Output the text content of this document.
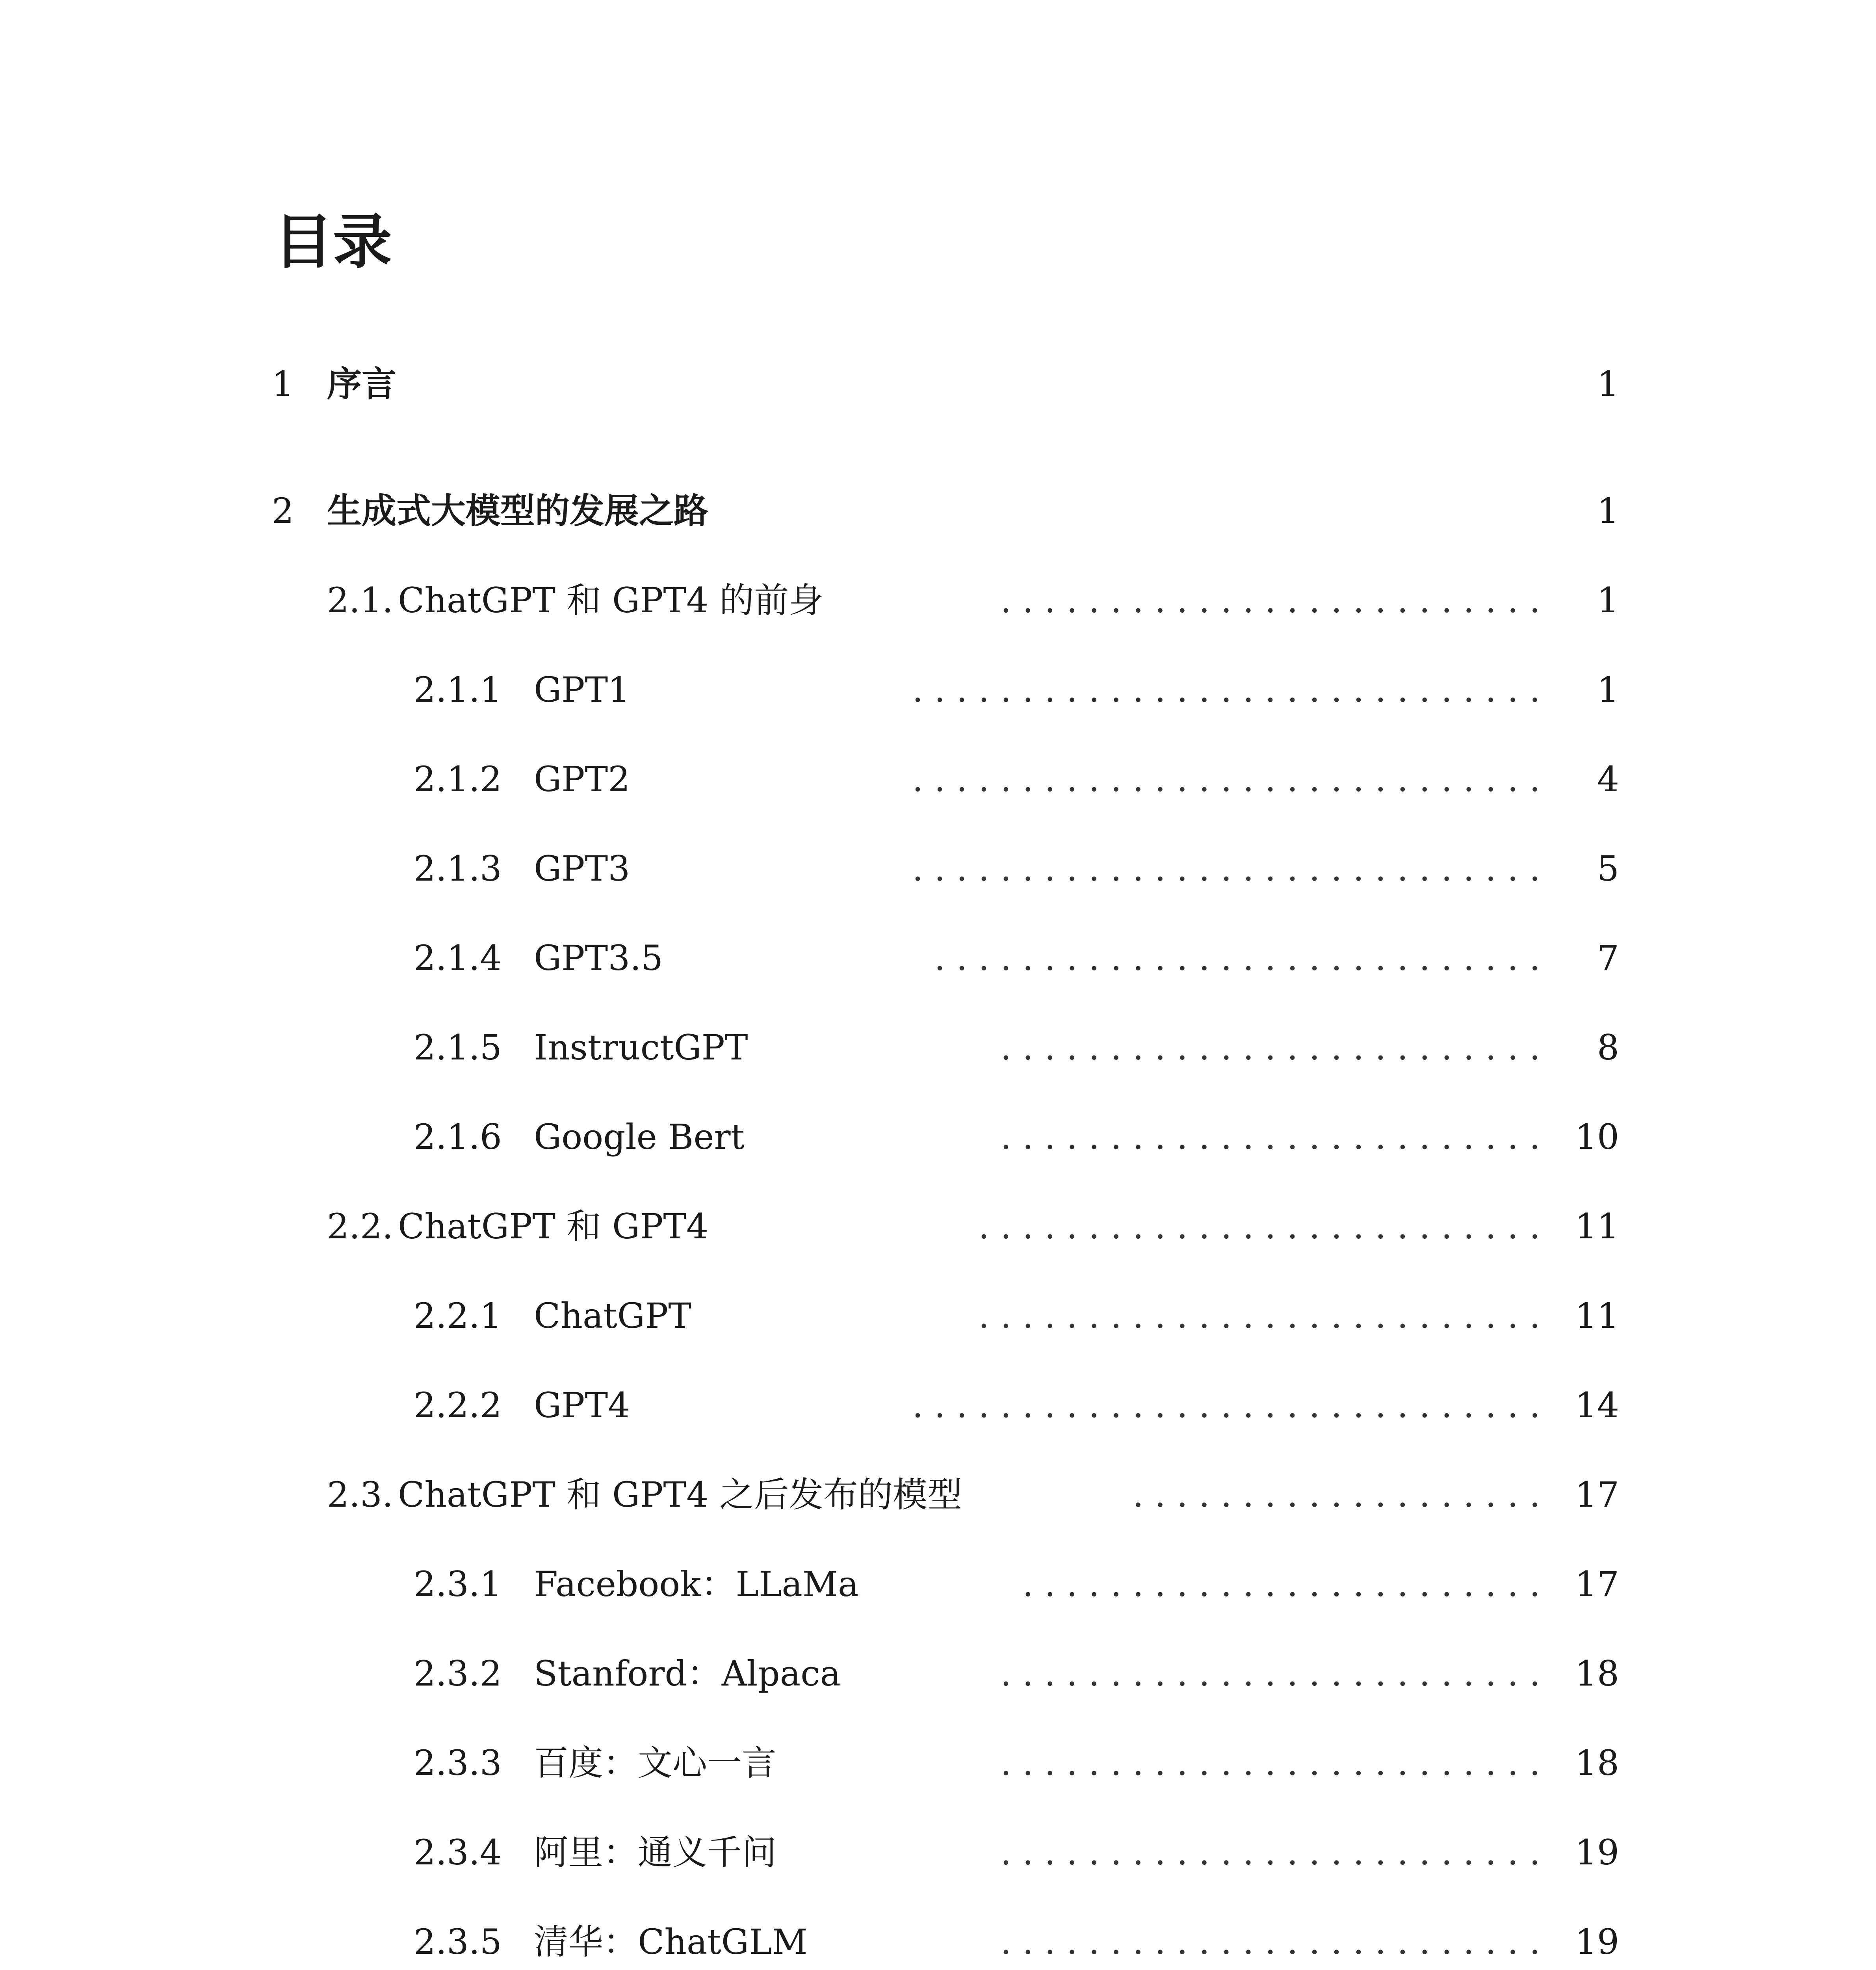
目录
1 序言	1
2 生成式大模型的发展之路	1
2.1. ChatGPT 和 GPT4 的前身	. . . . . . . . . . . . . . . . . . . . . . . . . 1
2.1.1 GPT1	. . . . . . . . . . . . . . . . . . . . . . . . . . . . . 1
2.1.2 GPT2	. . . . . . . . . . . . . . . . . . . . . . . . . . . . . 4
2.1.3 GPT3	. . . . . . . . . . . . . . . . . . . . . . . . . . . . . 5
2.1.4 GPT3.5	. . . . . . . . . . . . . . . . . . . . . . . . . . . . 7
2.1.5 InstructGPT	. . . . . . . . . . . . . . . . . . . . . . . . . 8
2.1.6 Google Bert	. . . . . . . . . . . . . . . . . . . . . . . . . 10
2.2. ChatGPT 和 GPT4	. . . . . . . . . . . . . . . . . . . . . . . . . . 11
2.2.1 ChatGPT	. . . . . . . . . . . . . . . . . . . . . . . . . . 11
2.2.2 GPT4	. . . . . . . . . . . . . . . . . . . . . . . . . . . . . 14
2.3. ChatGPT 和 GPT4 之后发布的模型	. . . . . . . . . . . . . . . . . . . 17
2.3.1 Facebook：LLaMa	. . . . . . . . . . . . . . . . . . . . . . . . 17
2.3.2 Stanford：Alpaca	. . . . . . . . . . . . . . . . . . . . . . . . . 18
2.3.3 百度：文心一言	. . . . . . . . . . . . . . . . . . . . . . . . . 18
2.3.4 阿里：通义千问	. . . . . . . . . . . . . . . . . . . . . . . . . 19
2.3.5 清华：ChatGLM	. . . . . . . . . . . . . . . . . . . . . . . . . 19
